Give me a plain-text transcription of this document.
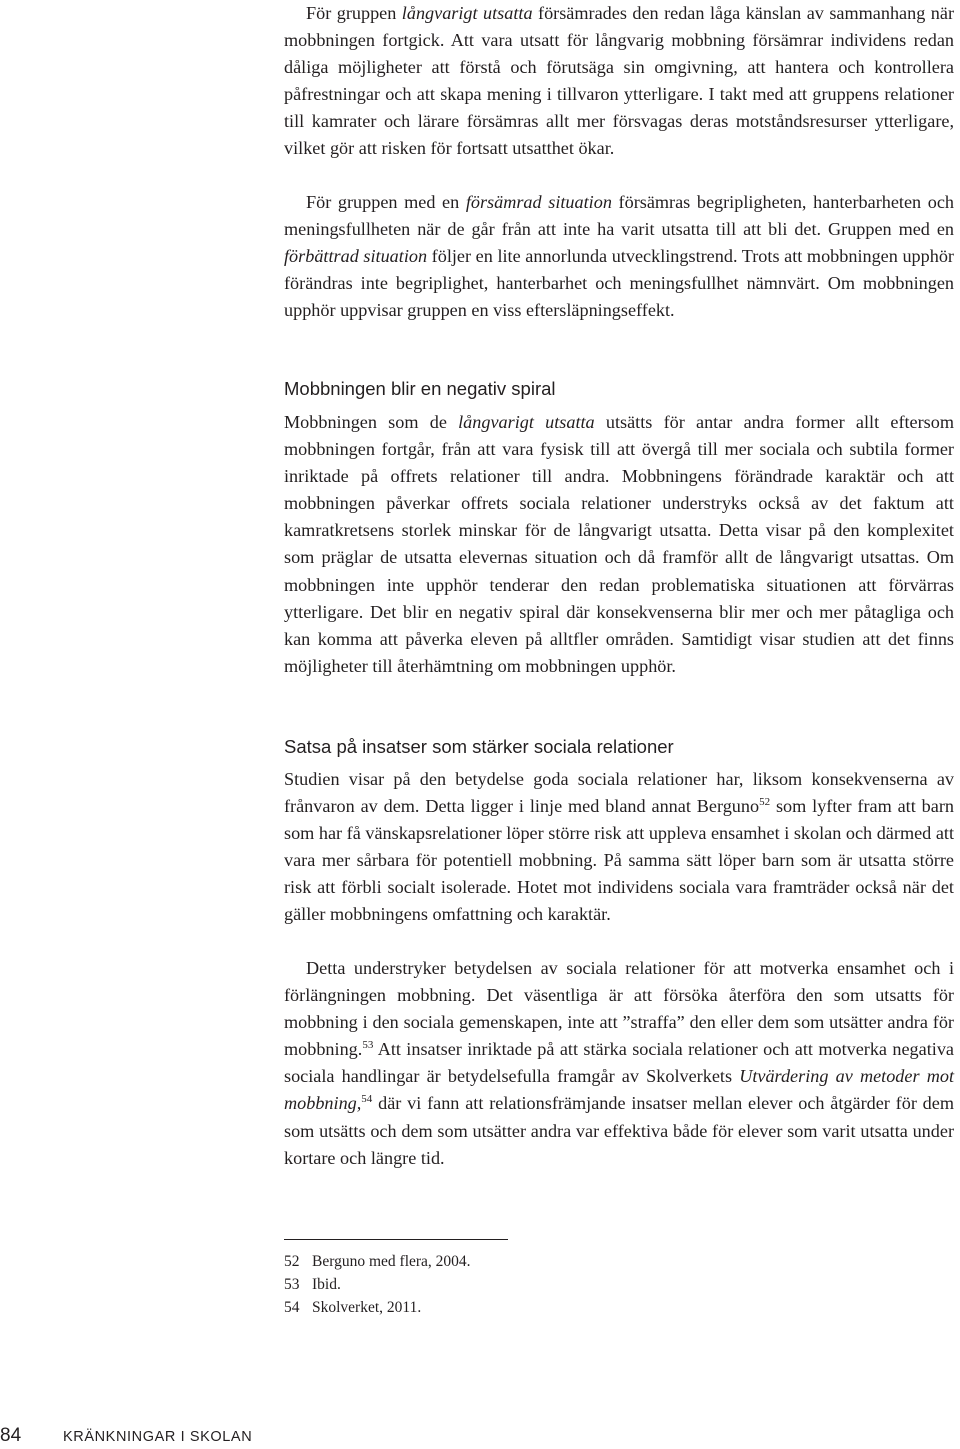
För gruppen långvarigt utsatta försämrades den redan låga känslan av sammanhang när mobbningen fortgick. Att vara utsatt för långvarig mobbning försämrar individens redan dåliga möjligheter att förstå och förutsäga sin omgivning, att hantera och kontrollera påfrestningar och att skapa mening i tillvaron ytterligare. I takt med att gruppens relationer till kamrater och lärare försämras allt mer försvagas deras motståndsresurser ytterligare, vilket gör att risken för fortsatt utsatthet ökar.

För gruppen med en försämrad situation försämras begripligheten, hanterbarheten och meningsfullheten när de går från att inte ha varit utsatta till att bli det. Gruppen med en förbättrad situation följer en lite annorlunda utvecklingstrend. Trots att mobbningen upphör förändras inte begriplighet, hanterbarhet och meningsfullhet nämnvärt. Om mobbningen upphör uppvisar gruppen en viss eftersläpningseffekt.

Mobbningen blir en negativ spiral

Mobbningen som de långvarigt utsatta utsätts för antar andra former allt eftersom mobbningen fortgår, från att vara fysisk till att övergå till mer sociala och subtila former inriktade på offrets relationer till andra. Mobbningens förändrade karaktär och att mobbningen påverkar offrets sociala relationer understryks också av det faktum att kamratkretsens storlek minskar för de långvarigt utsatta. Detta visar på den komplexitet som präglar de utsatta elevernas situation och då framför allt de långvarigt utsattas. Om mobbningen inte upphör tenderar den redan problematiska situationen att förvärras ytterligare. Det blir en negativ spiral där konsekvenserna blir mer och mer påtagliga och kan komma att påverka eleven på alltfler områden. Samtidigt visar studien att det finns möjligheter till återhämtning om mobbningen upphör.

Satsa på insatser som stärker sociala relationer

Studien visar på den betydelse goda sociala relationer har, liksom konsekvenserna av frånvaron av dem. Detta ligger i linje med bland annat Berguno$^{52}$ som lyfter fram att barn som har få vänskapsrelationer löper större risk att uppleva ensamhet i skolan och därmed att vara mer sårbara för potentiell mobbning. På samma sätt löper barn som är utsatta större risk att förbli socialt isolerade. Hotet mot individens sociala vara framträder också när det gäller mobbningens omfattning och karaktär.

Detta understryker betydelsen av sociala relationer för att motverka ensamhet och i förlängningen mobbning. Det väsentliga är att försöka återföra den som utsatts för mobbning i den sociala gemenskapen, inte att ”straffa” den eller dem som utsätter andra för mobbning.$^{53}$ Att insatser inriktade på att stärka sociala relationer och att motverka negativa sociala handlingar är betydelsefulla framgår av Skolverkets Utvärdering av metoder mot mobbning,$^{54}$ där vi fann att relationsfrämjande insatser mellan elever och åtgärder för dem som utsätts och dem som utsätter andra var effektiva både för elever som varit utsatta under kortare och längre tid.

52 Berguno med flera, 2004.
53 Ibid.
54 Skolverket, 2011.
84	KRÄNKNINGAR I SKOLAN
